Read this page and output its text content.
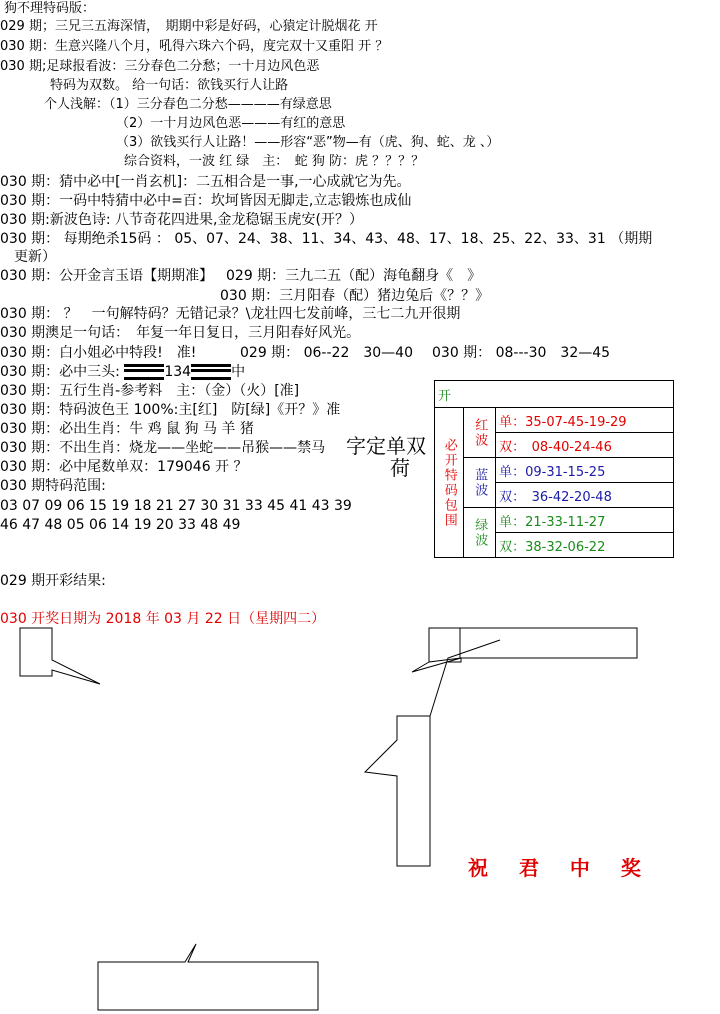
狗不理特码版：
029 期；三兄三五海深情，　期期中彩是好码，心猿定计脱烟花 开
030 期：生意兴隆八个月，吼得六珠六个码，度完双十又重阳 开 ？
030 期;足球报看波：三分春色二分愁；一十月边风色恶
特码为双数。 给一句话：欲钱买行人让路
个人浅解：（1）三分春色二分愁————有绿意思
（2）一十月边风色恶———有红的意思
（3）欲钱买行人让路！——形容“恶”物—有（虎、狗、蛇、龙 、）
综合资料，一波 红 绿　主：　蛇 狗 防：虎 ？？？？
030 期：猜中必中[一肖玄机]：二五相合是一事,一心成就它为先。
030 期：一码中特猜中必中=百：坎坷皆因无脚走,立志锻炼也成仙
030 期:新波色诗: 八节奇花四进果,金龙稳锯玉虎安(开？）
030 期： 每期绝杀15码 ： 05、07、24、38、11、34、43、48、17、18、25、22、33、31 （期期
更新）
030 期：公开金言玉语【期期准】 029 期：三九二五（配）海龟翻身《　》
030 期：三月阳春（配）猪边兔后《？？》
030 期： ？　一句解特码？无错记录？\龙壮四七发前峰，三七二九开很期
030 期澳足一句话：　年复一年日复日，三月阳春好风光。
030 期：白小姐必中特段!　准!	029 期： 06--22　30—40 030 期： 08---30　32—45
030 期：必中三头:	134	中
030 期：五行生肖-参考料　主：（金）（火）[准]
030 期：特码波色王 100%:主[红]　防[绿]《开？》准
030 期：必出生肖：牛 鸡 鼠 狗 马 羊 猪
030 期：不出生肖：烧龙——坐蛇——吊猴——禁马 字定单双
荷
030 期：必中尾数单双：179046 开 ？
030 期特码范围:
03 07 09 06 15 19 18 21 27 30 31 33 45 41 43 39
46 47 48 05 06 14 19 20 33 48 49
开		
必开特码包围	红波	单：35-07-45-19-29
		双：　08-40-24-46
	蓝波	单：09-31-15-25
		双：　36-42-20-48
	绿波	单：21-33-11-27
		双：38-32-06-22
029 期开彩结果:
030 开奖日期为 2018 年 03 月 22 日（星期四二）
祝 君 中 奖
